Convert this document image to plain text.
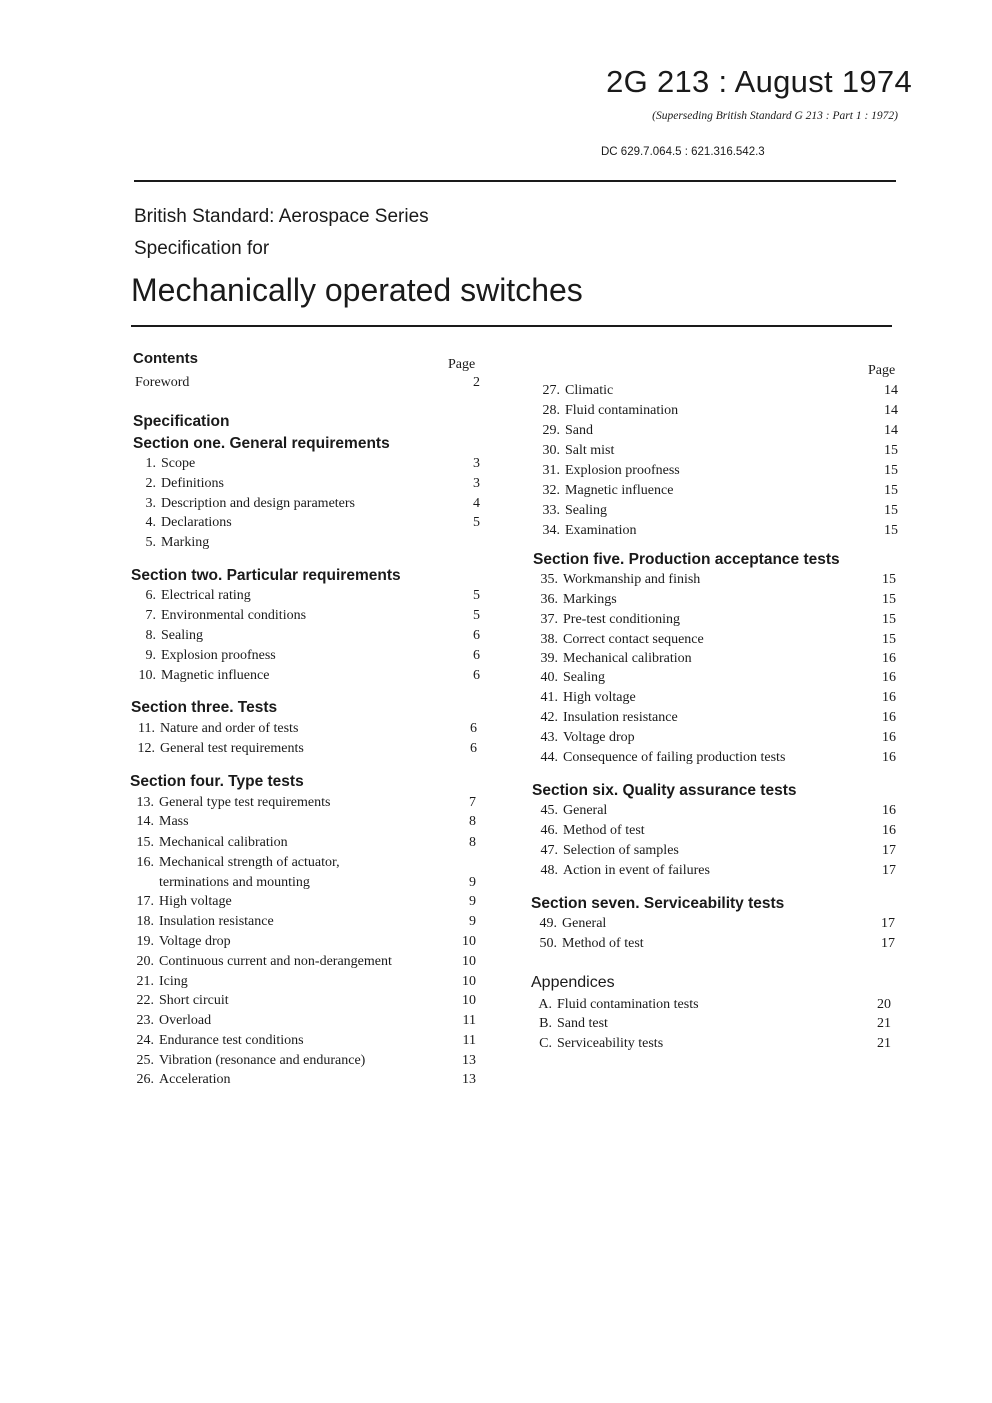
2G 213 : August 1974
(Superseding British Standard G 213 : Part 1 : 1972)
DC 629.7.064.5 : 621.316.542.3
British Standard: Aerospace Series
Specification for
Mechanically operated switches
Contents	Page
Foreword	2
Specification
Section one. General requirements
1. Scope	3
2. Definitions	3
3. Description and design parameters	4
4. Declarations	5
5. Marking
Section two. Particular requirements
6. Electrical rating	5
7. Environmental conditions	5
8. Sealing	6
9. Explosion proofness	6
10. Magnetic influence	6
Section three. Tests
11. Nature and order of tests	6
12. General test requirements	6
Section four. Type tests
13. General type test requirements	7
14. Mass	8
15. Mechanical calibration	8
16. Mechanical strength of actuator,
terminations and mounting	9
17. High voltage	9
18. Insulation resistance	9
19. Voltage drop	10
20. Continuous current and non-derangement	10
21. Icing	10
22. Short circuit	10
23. Overload	11
24. Endurance test conditions	11
25. Vibration (resonance and endurance)	13
26. Acceleration	13
Page
27. Climatic	14
28. Fluid contamination	14
29. Sand	14
30. Salt mist	15
31. Explosion proofness	15
32. Magnetic influence	15
33. Sealing	15
34. Examination	15
Section five. Production acceptance tests
35. Workmanship and finish	15
36. Markings	15
37. Pre-test conditioning	15
38. Correct contact sequence	15
39. Mechanical calibration	16
40. Sealing	16
41. High voltage	16
42. Insulation resistance	16
43. Voltage drop	16
44. Consequence of failing production tests	16
Section six. Quality assurance tests
45. General	16
46. Method of test	16
47. Selection of samples	17
48. Action in event of failures	17
Section seven. Serviceability tests
49. General	17
50. Method of test	17
Appendices
A. Fluid contamination tests	20
B. Sand test	21
C. Serviceability tests	21
